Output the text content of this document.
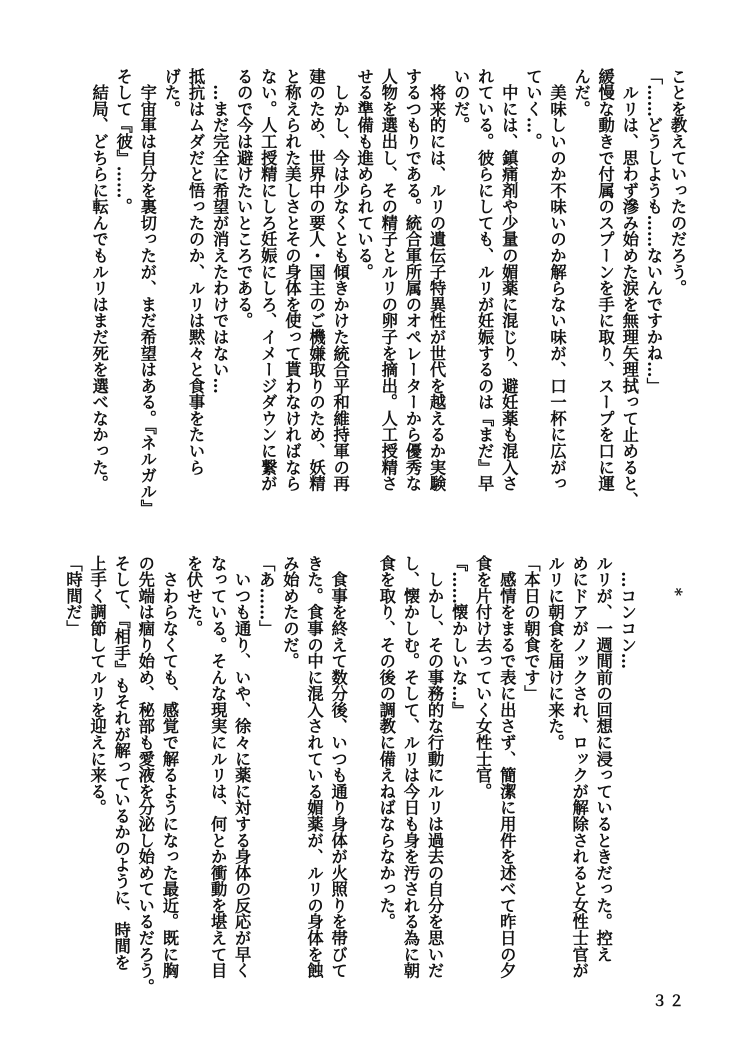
ことを教えていったのだろう。
「……どうしようも……ないんですかね…」
　ルリは、思わず滲み始めた涙を無理矢理拭って止めると、
緩慢な動きで付属のスプーンを手に取り、スープを口に運
んだ。
　美味しいのか不味いのか解らない味が、口一杯に広がっ
ていく…。
　中には、鎮痛剤や少量の媚薬に混じり、避妊薬も混入さ
れている。彼らにしても、ルリが妊娠するのは『まだ』早
いのだ。
　将来的には、ルリの遺伝子特異性が世代を越えるか実験
するつもりである。統合軍所属のオペレーターから優秀な
人物を選出し、その精子とルリの卵子を摘出。人工授精さ
せる準備も進められている。
　しかし、今は少なくとも傾きかけた統合平和維持軍の再
建のため、世界中の要人・国主のご機嫌取りのため、妖精
と称えられた美しさとその身体を使って貰わなければなら
ない。人工授精にしろ妊娠にしろ、イメージダウンに繋が
るので今は避けたいところである。
　…まだ完全に希望が消えたわけではない…
抵抗はムダだと悟ったのか、ルリは黙々と食事をたいら
げた。
　宇宙軍は自分を裏切ったが、まだ希望はある。『ネルガル』
そして『彼』……。
　結局、どちらに転んでもルリはまだ死を選べなかった。
　　*
　…コンコン…
ルリが、一週間前の回想に浸っているときだった。控え
めにドアがノックされ、ロックが解除されると女性士官が
ルリに朝食を届けに来た。
「本日の朝食です」
　感情をまるで表に出さず、簡潔に用件を述べて昨日の夕
食を片付け去っていく女性士官。
『……懐かしいな…』
　しかし、その事務的な行動にルリは過去の自分を思いだ
し、懐かしむ。そして、ルリは今日も身を汚される為に朝
食を取り、その後の調教に備えねばならなかった。
　食事を終えて数分後、いつも通り身体が火照りを帯びて
きた。食事の中に混入されている媚薬が、ルリの身体を蝕
み始めたのだ。
「あ……」
　いつも通り、いや、徐々に薬に対する身体の反応が早く
なっている。そんな現実にルリは、何とか衝動を堪えて目
を伏せた。
　さわらなくても、感覚で解るようになった最近。既に胸
の先端は痼り始め、秘部も愛液を分泌し始めているだろう。
そして、『相手』もそれが解っているかのように、時間を
上手く調節してルリを迎えに来る。
「時間だ」
３２
